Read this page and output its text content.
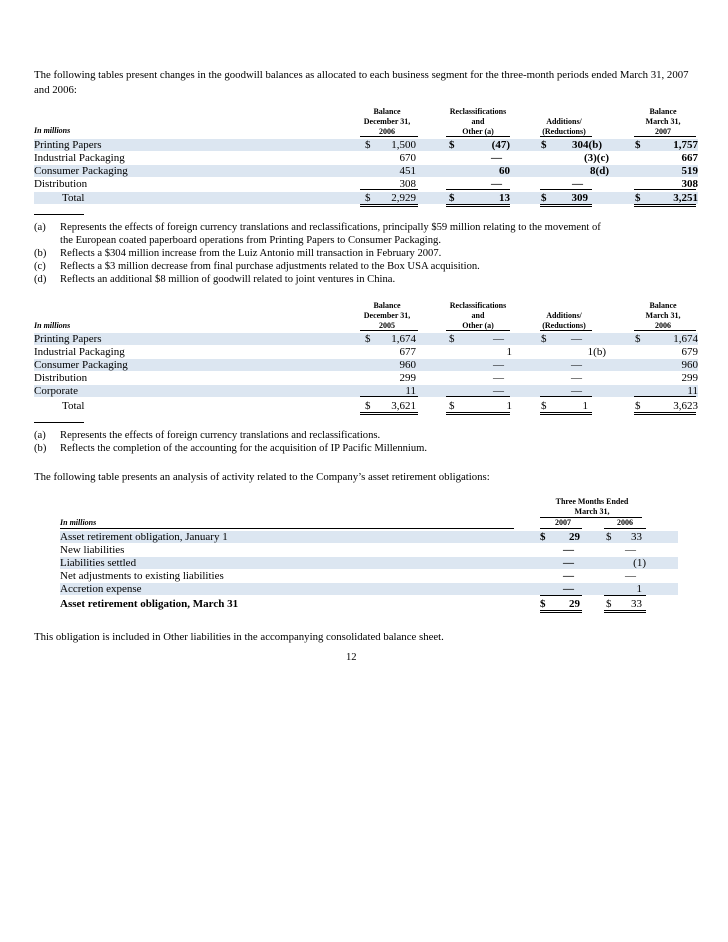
The following tables present changes in the goodwill balances as allocated to each business segment for the three-month periods ended March 31, 2007 and 2006:
In millions
Balance
December 31,
2006
Reclassifications
and
Other (a)
Additions/
(Reductions)
Balance
March 31,
2007
Printing Papers	$	1,500	$	(47)	$	304(b)	$	1,757
Industrial Packaging	670	—	(3)(c)	667
Consumer Packaging	451	60	8(d)	519
Distribution	308	—	—	308
Total	$	2,929	$	13	$	309	$	3,251
(a) Represents the effects of foreign currency translations and reclassifications, principally $59 million relating to the movement of
the European coated paperboard operations from Printing Papers to Consumer Packaging.
(b) Reflects a $304 million increase from the Luiz Antonio mill transaction in February 2007.
(c) Reflects a $3 million decrease from final purchase adjustments related to the Box USA acquisition.
(d) Reflects an additional $8 million of goodwill related to joint ventures in China.
In millions
Balance
December 31,
2005
Reclassifications
and
Other (a)
Additions/
(Reductions)
Balance
March 31,
2006
Printing Papers	$	1,674	$	—	$	—	$	1,674
Industrial Packaging	677	1	1(b)	679
Consumer Packaging	960	—	—	960
Distribution	299	—	—	299
Corporate	11	—	—	11
Total	$	3,621	$	1	$	1	$	3,623
(a) Represents the effects of foreign currency translations and reclassifications.
(b) Reflects the completion of the accounting for the acquisition of IP Pacific Millennium.
The following table presents an analysis of activity related to the Company’s asset retirement obligations:
Three Months Ended
March 31,
In millions	2007	2006
Asset retirement obligation, January 1	$	29 $	33
New liabilities	—	—
Liabilities settled	—	(1)
Net adjustments to existing liabilities	—	—
Accretion expense	—	1
Asset retirement obligation, March 31	$	29 $	33
This obligation is included in Other liabilities in the accompanying consolidated balance sheet.
12
